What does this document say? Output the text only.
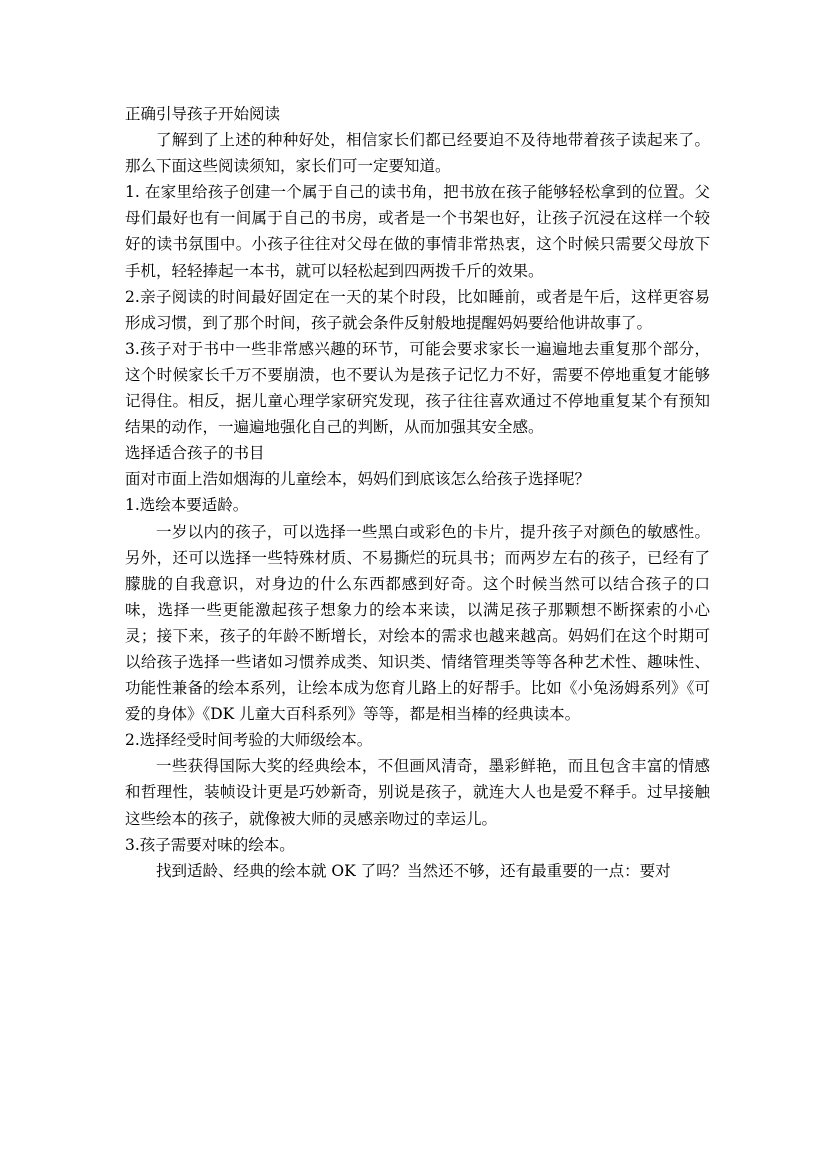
正确引导孩子开始阅读

了解到了上述的种种好处，相信家长们都已经要迫不及待地带着孩子读起来了。那么下面这些阅读须知，家长们可一定要知道。

1. 在家里给孩子创建一个属于自己的读书角，把书放在孩子能够轻松拿到的位置。父母们最好也有一间属于自己的书房，或者是一个书架也好，让孩子沉浸在这样一个较好的读书氛围中。小孩子往往对父母在做的事情非常热衷，这个时候只需要父母放下手机，轻轻捧起一本书，就可以轻松起到四两拨千斤的效果。

2.亲子阅读的时间最好固定在一天的某个时段，比如睡前，或者是午后，这样更容易形成习惯，到了那个时间，孩子就会条件反射般地提醒妈妈要给他讲故事了。

3.孩子对于书中一些非常感兴趣的环节，可能会要求家长一遍遍地去重复那个部分，这个时候家长千万不要崩溃，也不要认为是孩子记忆力不好，需要不停地重复才能够记得住。相反，据儿童心理学家研究发现，孩子往往喜欢通过不停地重复某个有预知结果的动作，一遍遍地强化自己的判断，从而加强其安全感。

选择适合孩子的书目

面对市面上浩如烟海的儿童绘本，妈妈们到底该怎么给孩子选择呢？

1.选绘本要适龄。

一岁以内的孩子，可以选择一些黑白或彩色的卡片，提升孩子对颜色的敏感性。另外，还可以选择一些特殊材质、不易撕烂的玩具书；而两岁左右的孩子，已经有了朦胧的自我意识，对身边的什么东西都感到好奇。这个时候当然可以结合孩子的口味，选择一些更能激起孩子想象力的绘本来读，以满足孩子那颗想不断探索的小心灵；接下来，孩子的年龄不断增长，对绘本的需求也越来越高。妈妈们在这个时期可以给孩子选择一些诸如习惯养成类、知识类、情绪管理类等等各种艺术性、趣味性、功能性兼备的绘本系列，让绘本成为您育儿路上的好帮手。比如《小兔汤姆系列》《可爱的身体》《DK 儿童大百科系列》等等，都是相当棒的经典读本。

2.选择经受时间考验的大师级绘本。

一些获得国际大奖的经典绘本，不但画风清奇，墨彩鲜艳，而且包含丰富的情感和哲理性，装帧设计更是巧妙新奇，别说是孩子，就连大人也是爱不释手。过早接触这些绘本的孩子，就像被大师的灵感亲吻过的幸运儿。

3.孩子需要对味的绘本。

找到适龄、经典的绘本就 OK 了吗？当然还不够，还有最重要的一点：要对
